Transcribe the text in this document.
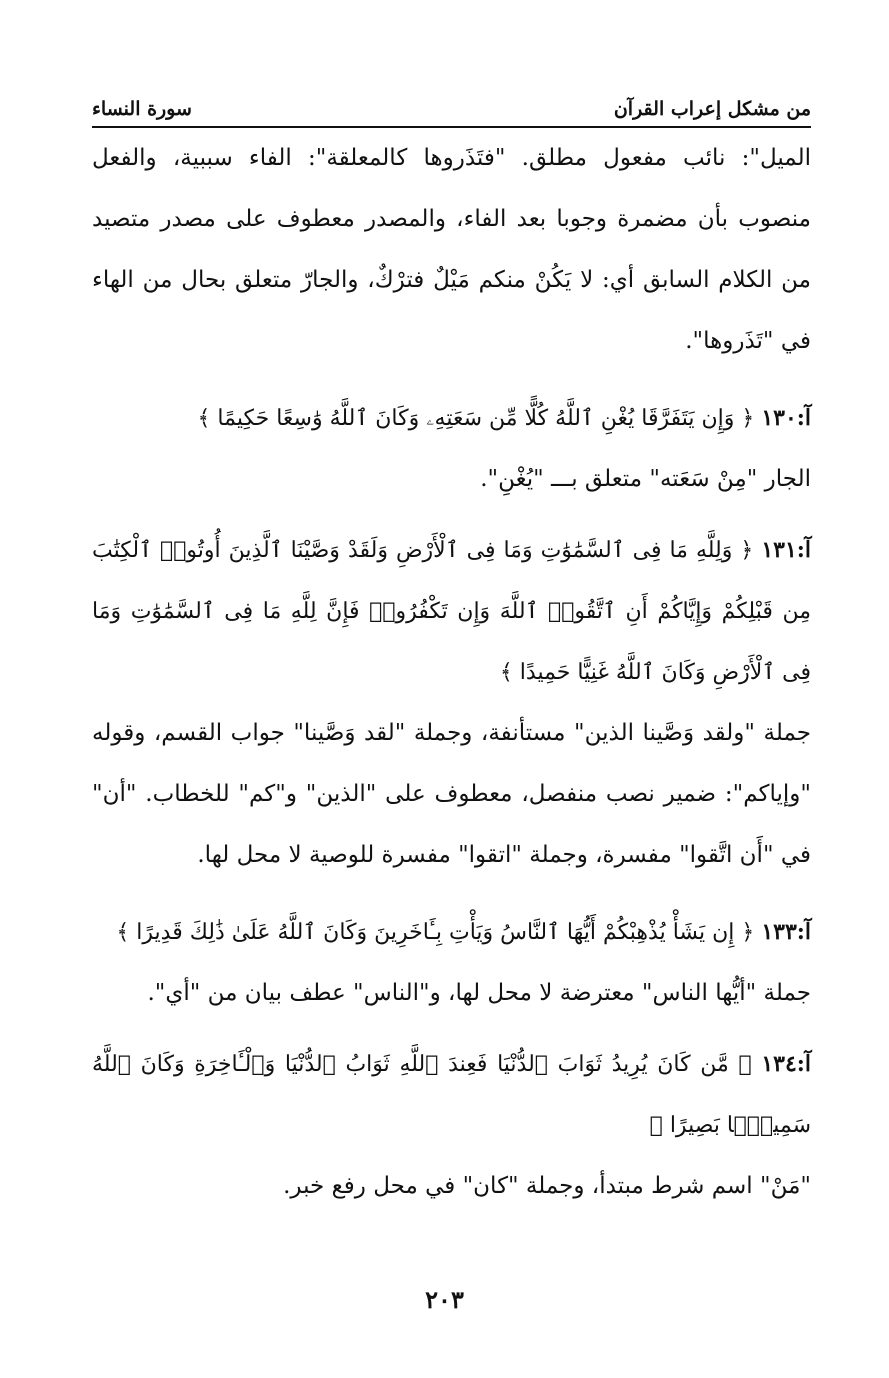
من مشكل إعراب القرآن
سورة النساء

الميل": نائب مفعول مطلق. "فتَذَروها كالمعلقة": الفاء سببية، والفعل منصوب بأن مضمرة وجوبا بعد الفاء، والمصدر معطوف على مصدر متصيد من الكلام السابق أي: لا يَكُنْ منكم مَيْلٌ فترْكٌ، والجارّ متعلق بحال من الهاء في "تَذَروها".

آ:١٣٠ ﴿ وَإِن يَتَفَرَّقَا يُغْنِ ٱللَّهُ كُلًّا مِّن سَعَتِهِۦ وَكَانَ ٱللَّهُ وَٰسِعًا حَكِيمًا ﴾

الجار "مِنْ سَعَته" متعلق بـــ "يُغْنِ".

آ:١٣١ ﴿ وَلِلَّهِ مَا فِى ٱلسَّمَٰوَٰتِ وَمَا فِى ٱلْأَرْضِ وَلَقَدْ وَصَّيْنَا ٱلَّذِينَ أُوتُوا۟ ٱلْكِتَٰبَ مِن قَبْلِكُمْ وَإِيَّاكُمْ أَنِ ٱتَّقُوا۟ ٱللَّهَ وَإِن تَكْفُرُوا۟ فَإِنَّ لِلَّهِ مَا فِى ٱلسَّمَٰوَٰتِ وَمَا فِى ٱلْأَرْضِ وَكَانَ ٱللَّهُ غَنِيًّا حَمِيدًا ﴾

جملة "ولقد وَصَّينا الذين" مستأنفة، وجملة "لقد وَصَّينا" جواب القسم، وقوله "وإياكم": ضمير نصب منفصل، معطوف على "الذين" و"كم" للخطاب. "أن" في "أَن اتَّقوا" مفسرة، وجملة "اتقوا" مفسرة للوصية لا محل لها.

آ:١٣٣ ﴿ إِن يَشَأْ يُذْهِبْكُمْ أَيُّهَا ٱلنَّاسُ وَيَأْتِ بِـَٔاخَرِينَ وَكَانَ ٱللَّهُ عَلَىٰ ذَٰلِكَ قَدِيرًا ﴾

جملة "أيُّها الناس" معترضة لا محل لها، و"الناس" عطف بيان من "أي".

آ:١٣٤ ﴿ مَّن كَانَ يُرِيدُ ثَوَابَ ٱلدُّنْيَا فَعِندَ ٱللَّهِ ثَوَابُ ٱلدُّنْيَا وَٱلْـَٔاخِرَةِ وَكَانَ ٱللَّهُ سَمِيعًۢا بَصِيرًا ﴾

"مَنْ" اسم شرط مبتدأ، وجملة "كان" في محل رفع خبر.

٢٠٣
